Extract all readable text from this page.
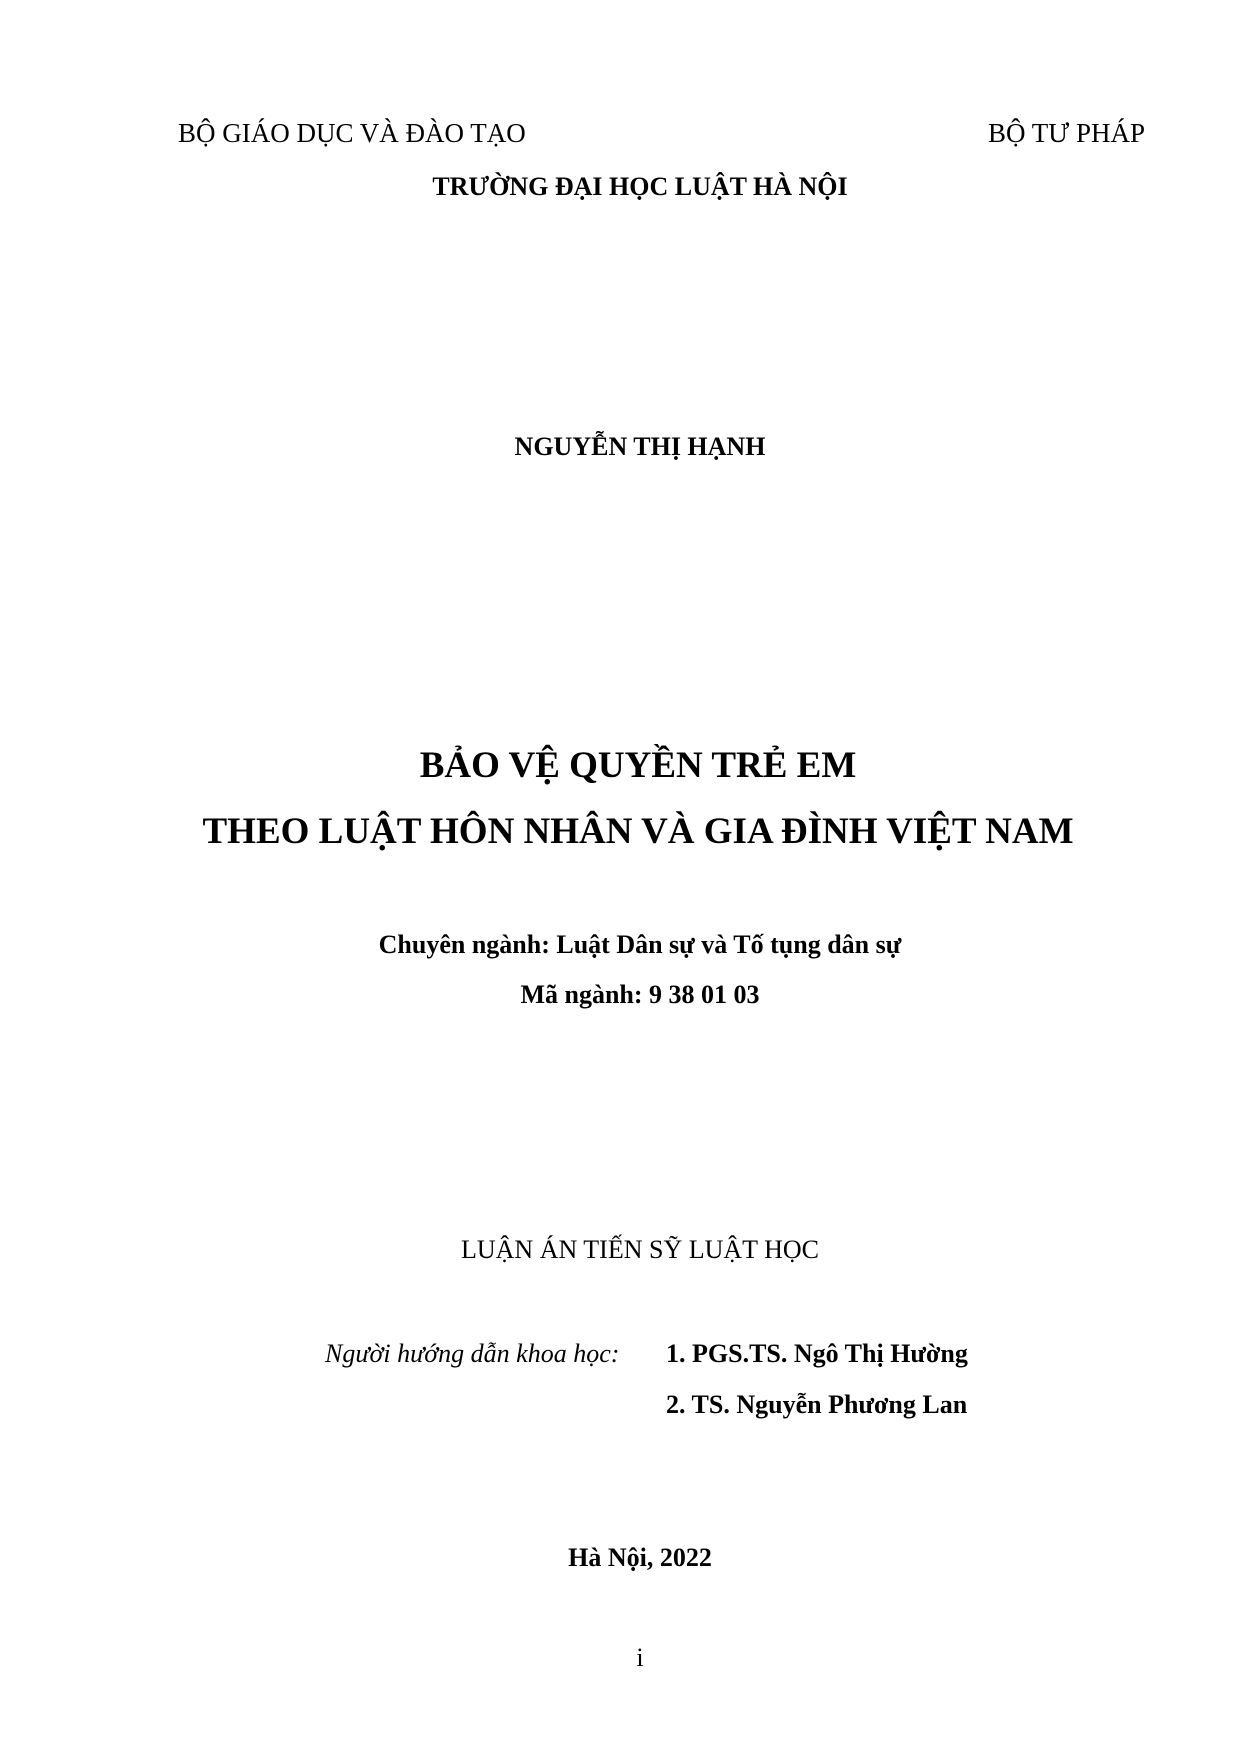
BỘ GIÁO DỤC VÀ ĐÀO TẠO	BỘ TƯ PHÁP
TRƯỜNG ĐẠI HỌC LUẬT HÀ NỘI
NGUYỄN THỊ HẠNH
BẢO VỆ QUYỀN TRẺ EM
THEO LUẬT HÔN NHÂN VÀ GIA ĐÌNH VIỆT NAM
Chuyên ngành: Luật Dân sự và Tố tụng dân sự
Mã ngành: 9 38 01 03
LUẬN ÁN TIẾN SỸ LUẬT HỌC
Người hướng dẫn khoa học: 1. PGS.TS. Ngô Thị Hường
2. TS. Nguyễn Phương Lan
Hà Nội, 2022
i
